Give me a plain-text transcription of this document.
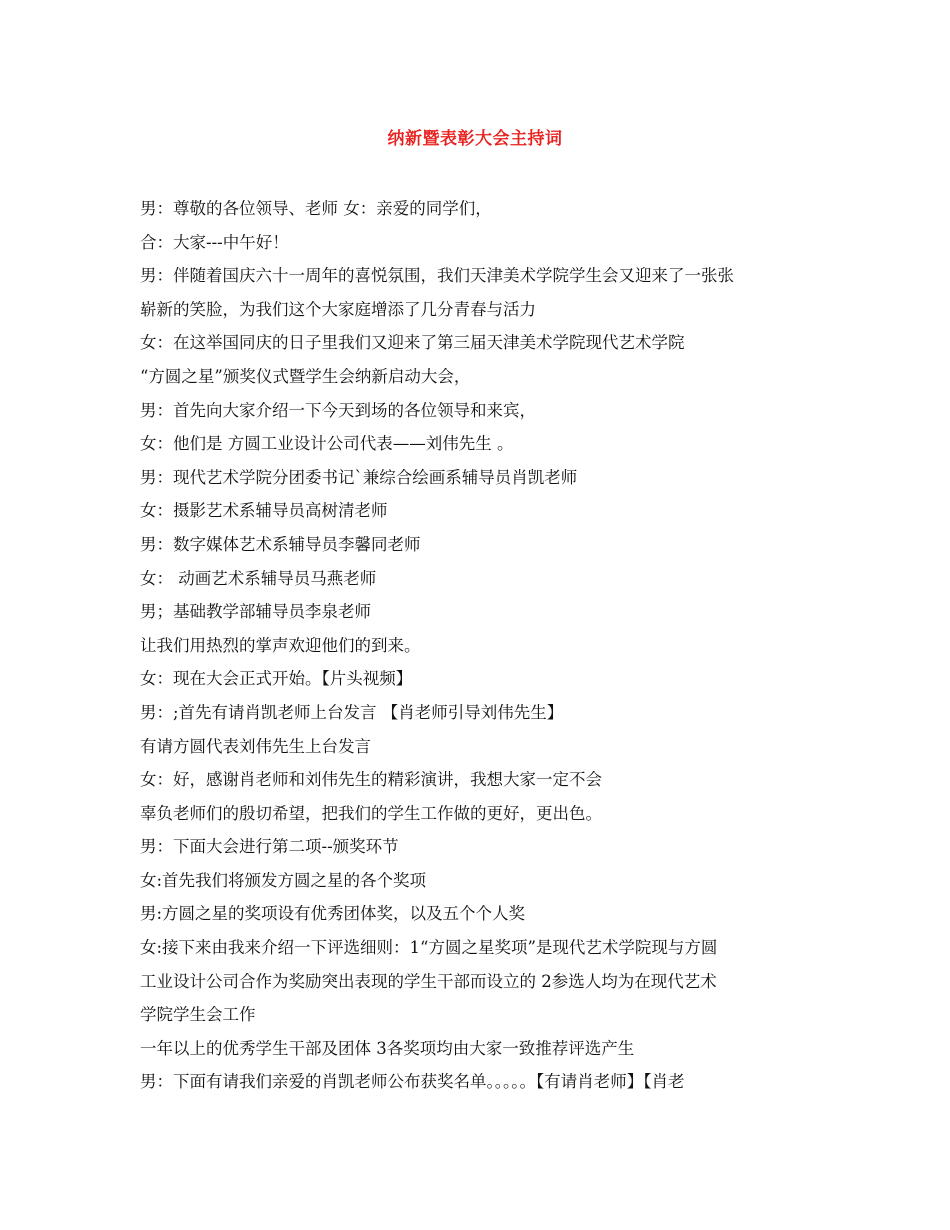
纳新暨表彰大会主持词
男：尊敬的各位领导、老师 女：亲爱的同学们，
合：大家---中午好！
男：伴随着国庆六十一周年的喜悦氛围，我们天津美术学院学生会又迎来了一张张
崭新的笑脸，为我们这个大家庭增添了几分青春与活力
女：在这举国同庆的日子里我们又迎来了第三届天津美术学院现代艺术学院
“方圆之星”颁奖仪式暨学生会纳新启动大会，
男：首先向大家介绍一下今天到场的各位领导和来宾，
女：他们是 方圆工业设计公司代表——刘伟先生 。
男：现代艺术学院分团委书记`兼综合绘画系辅导员肖凯老师
女：摄影艺术系辅导员高树清老师
男：数字媒体艺术系辅导员李馨同老师
女： 动画艺术系辅导员马燕老师
男；基础教学部辅导员李泉老师
让我们用热烈的掌声欢迎他们的到来。
女：现在大会正式开始。【片头视频】
男：;首先有请肖凯老师上台发言 【肖老师引导刘伟先生】
有请方圆代表刘伟先生上台发言
女：好，感谢肖老师和刘伟先生的精彩演讲，我想大家一定不会
辜负老师们的殷切希望，把我们的学生工作做的更好，更出色。
男：下面大会进行第二项--颁奖环节
女:首先我们将颁发方圆之星的各个奖项
男:方圆之星的奖项设有优秀团体奖，以及五个个人奖
女:接下来由我来介绍一下评选细则：1“方圆之星奖项”是现代艺术学院现与方圆
工业设计公司合作为奖励突出表现的学生干部而设立的 2参选人均为在现代艺术
学院学生会工作
一年以上的优秀学生干部及团体 3各奖项均由大家一致推荐评选产生
男：下面有请我们亲爱的肖凯老师公布获奖名单。。。。。【有请肖老师】【肖老
